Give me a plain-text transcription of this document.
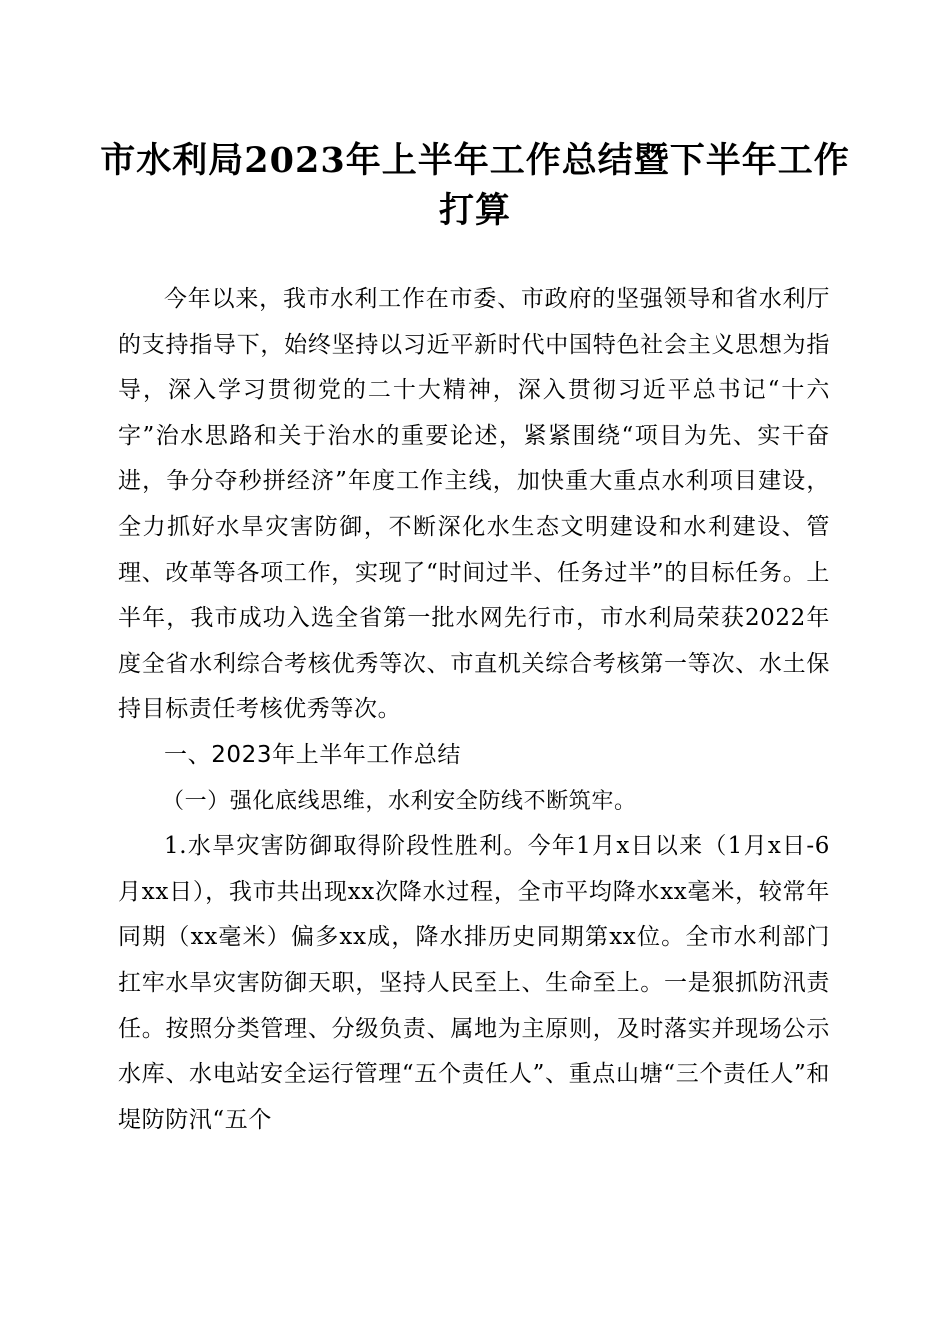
市水利局2023年上半年工作总结暨下半年工作打算

今年以来，我市水利工作在市委、市政府的坚强领导和省水利厅的支持指导下，始终坚持以习近平新时代中国特色社会主义思想为指导，深入学习贯彻党的二十大精神，深入贯彻习近平总书记“十六字”治水思路和关于治水的重要论述，紧紧围绕“项目为先、实干奋进，争分夺秒拼经济”年度工作主线，加快重大重点水利项目建设，全力抓好水旱灾害防御，不断深化水生态文明建设和水利建设、管理、改革等各项工作，实现了“时间过半、任务过半”的目标任务。上半年，我市成功入选全省第一批水网先行市，市水利局荣获2022年度全省水利综合考核优秀等次、市直机关综合考核第一等次、水土保持目标责任考核优秀等次。

一、2023年上半年工作总结

（一）强化底线思维，水利安全防线不断筑牢。

1.水旱灾害防御取得阶段性胜利。今年1月x日以来（1月x日-6月xx日），我市共出现xx次降水过程，全市平均降水xx毫米，较常年同期（xx毫米）偏多xx成，降水排历史同期第xx位。全市水利部门扛牢水旱灾害防御天职，坚持人民至上、生命至上。一是狠抓防汛责任。按照分类管理、分级负责、属地为主原则，及时落实并现场公示水库、水电站安全运行管理“五个责任人”、重点山塘“三个责任人”和堤防防汛“五个
